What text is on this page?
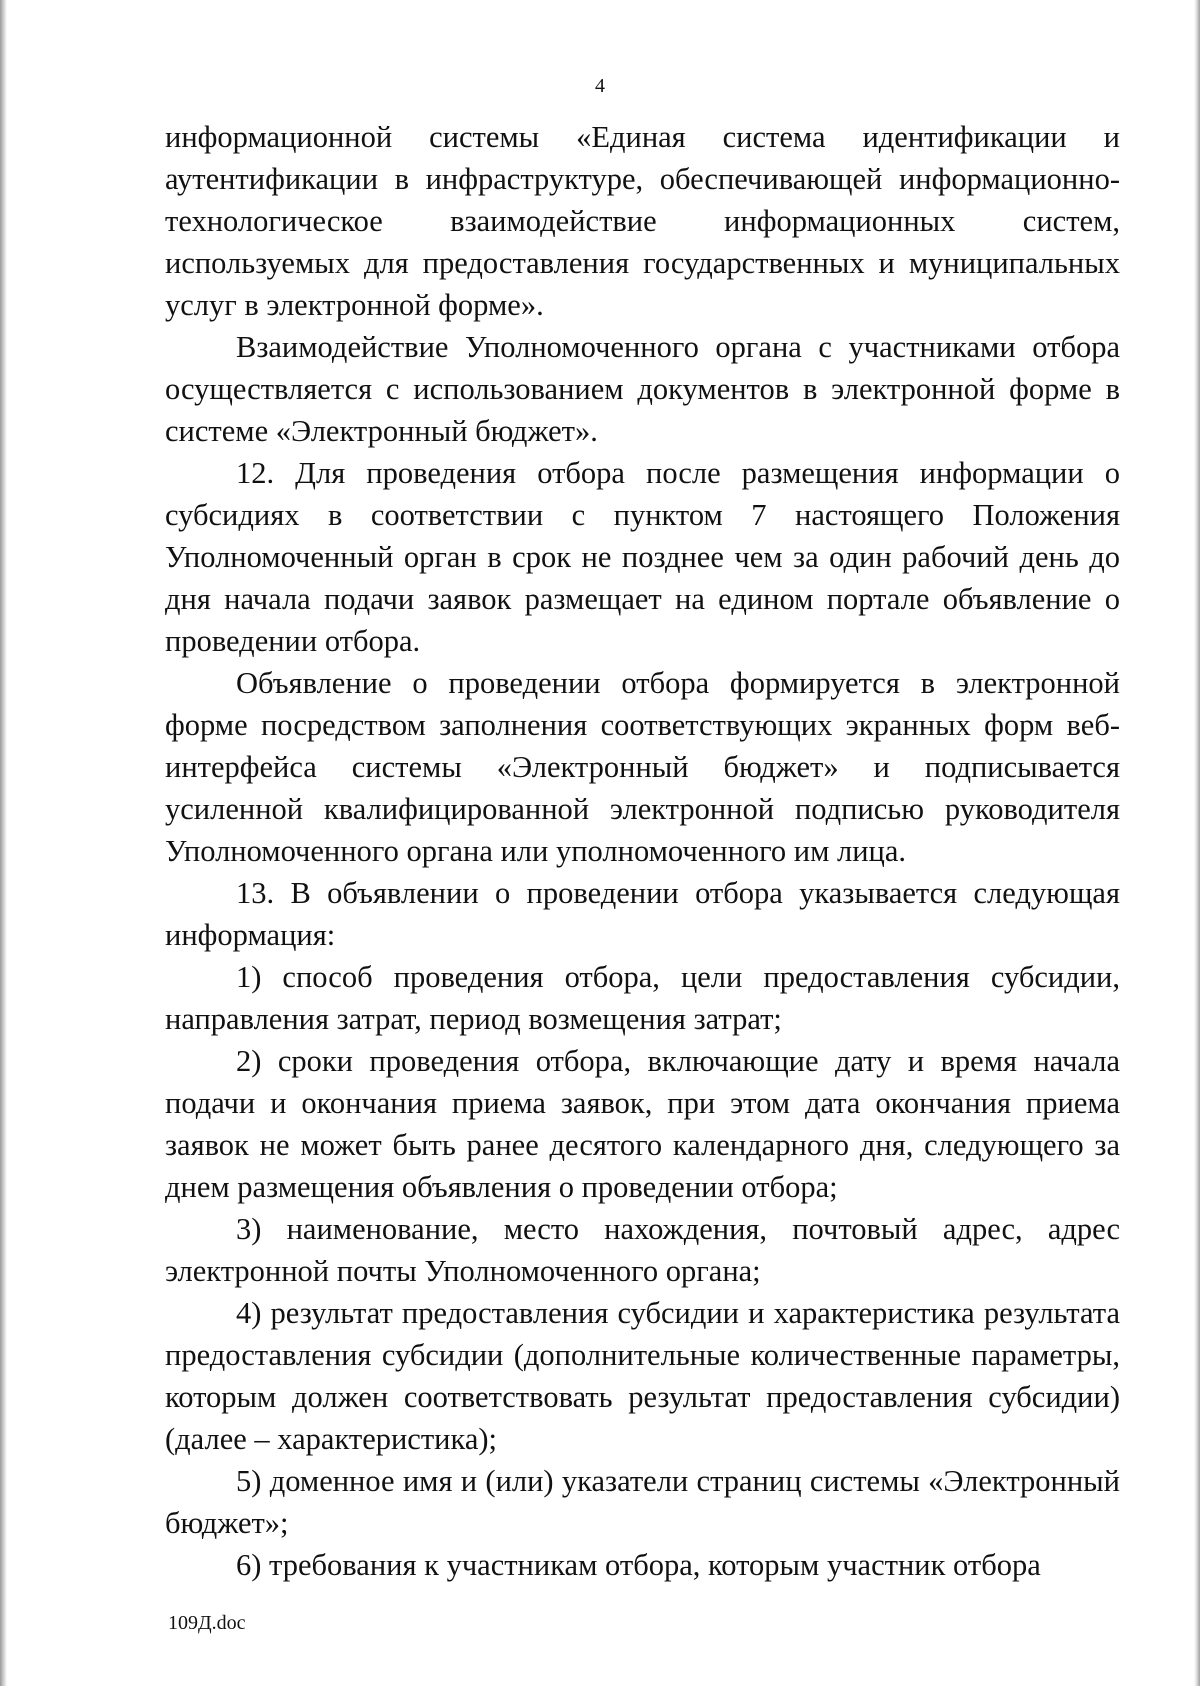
4

информационной системы «Единая система идентификации и аутентификации в инфраструктуре, обеспечивающей информационно-технологическое взаимодействие информационных систем, используемых для предоставления государственных и муниципальных услуг в электронной форме».

Взаимодействие Уполномоченного органа с участниками отбора осуществляется с использованием документов в электронной форме в системе «Электронный бюджет».

12. Для проведения отбора после размещения информации о субсидиях в соответствии с пунктом 7 настоящего Положения Уполномоченный орган в срок не позднее чем за один рабочий день до дня начала подачи заявок размещает на едином портале объявление о проведении отбора.

Объявление о проведении отбора формируется в электронной форме посредством заполнения соответствующих экранных форм веб-интерфейса системы «Электронный бюджет» и подписывается усиленной квалифицированной электронной подписью руководителя Уполномоченного органа или уполномоченного им лица.

13. В объявлении о проведении отбора указывается следующая информация:

1) способ проведения отбора, цели предоставления субсидии, направления затрат, период возмещения затрат;

2) сроки проведения отбора, включающие дату и время начала подачи и окончания приема заявок, при этом дата окончания приема заявок не может быть ранее десятого календарного дня, следующего за днем размещения объявления о проведении отбора;

3) наименование, место нахождения, почтовый адрес, адрес электронной почты Уполномоченного органа;

4) результат предоставления субсидии и характеристика результата предоставления субсидии (дополнительные количественные параметры, которым должен соответствовать результат предоставления субсидии) (далее – характеристика);

5) доменное имя и (или) указатели страниц системы «Электронный бюджет»;

6) требования к участникам отбора, которым участник отбора

109Д.doc
